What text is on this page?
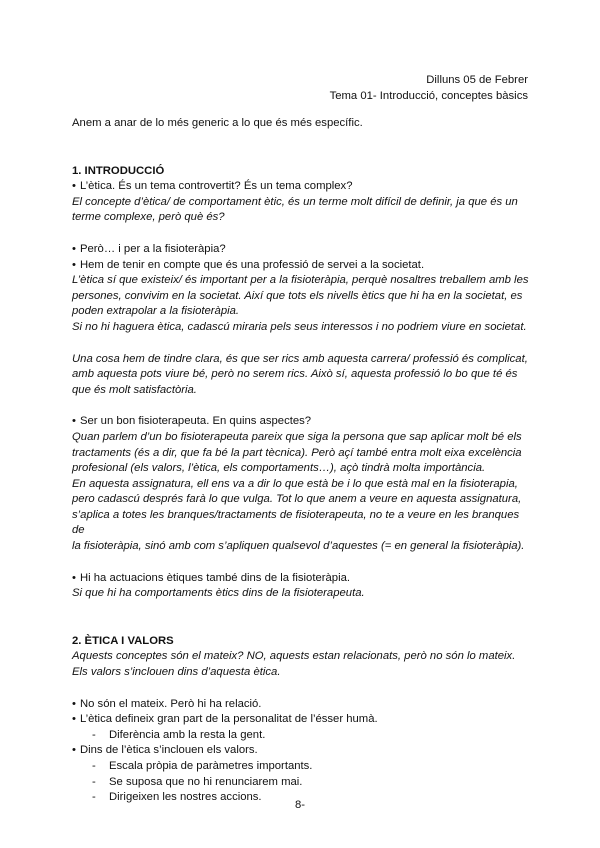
Dilluns 05 de Febrer
Tema 01- Introducció, conceptes bàsics

Anem a anar de lo més generic a lo que és més específic.

1. INTRODUCCIÓ

• L’ètica. És un tema controvertit? És un tema complex?

El concepte d’ètica/ de comportament ètic, és un terme molt difícil de definir, ja que és un

terme complexe, però què és?

• Però… i per a la fisioteràpia?

• Hem de tenir en compte que és una professió de servei a la societat.

L’ètica sí que existeix/ és important per a la fisioteràpia, perquè nosaltres treballem amb les

persones, convivim en la societat. Així que tots els nivells ètics que hi ha en la societat, es

poden extrapolar a la fisioteràpia.

Si no hi haguera ètica, cadascú miraria pels seus interessos i no podriem viure en societat.

Una cosa hem de tindre clara, és que ser rics amb aquesta carrera/ professió és complicat,

amb aquesta pots viure bé, però no serem rics. Això sí, aquesta professió lo bo que té és

que és molt satisfactòria.

• Ser un bon fisioterapeuta. En quins aspectes?

Quan parlem d’un bo fisioterapeuta pareix que siga la persona que sap aplicar molt bé els

tractaments (és a dir, que fa bé la part tècnica). Però açí també entra molt eixa excelència

profesional (els valors, l’ètica, els comportaments…), açò tindrà molta importància.

En aquesta assignatura, ell ens va a dir lo que està be i lo que està mal en la fisioterapia,

pero cadascú després farà lo que vulga. Tot lo que anem a veure en aquesta assignatura,

s’aplica a totes les branques/tractaments de fisioterapeuta, no te a veure en les branques de

la fisioteràpia, sinó amb com s’apliquen qualsevol d’aquestes (= en general la fisioteràpia).

• Hi ha actuacions ètiques també dins de la fisioteràpia.

Si que hi ha comportaments ètics dins de la fisioterapeuta.

2. ÈTICA I VALORS

Aquests conceptes són el mateix? NO, aquests estan relacionats, però no són lo mateix.

Els valors s’inclouen dins d’aquesta ètica.

• No són el mateix. Però hi ha relació.

• L’ètica defineix gran part de la personalitat de l’ésser humà.

- Diferència amb la resta la gent.

• Dins de l’ètica s’inclouen els valors.

- Escala pròpia de paràmetres importants.

- Se suposa que no hi renunciarem mai.

- Dirigeixen les nostres accions.

8-
